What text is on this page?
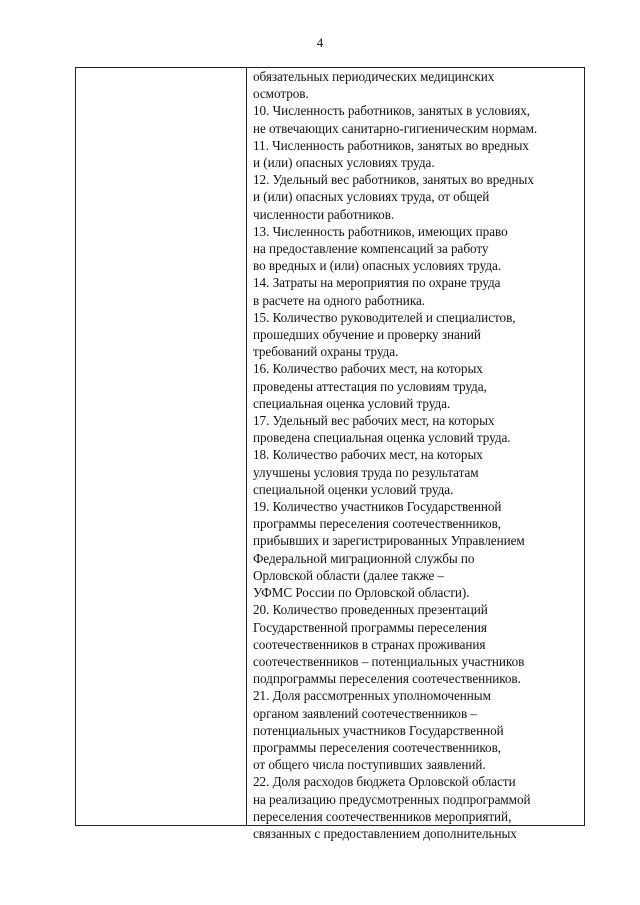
4
обязательных периодических медицинских
осмотров.
10. Численность работников, занятых в условиях,
не отвечающих санитарно-гигиеническим нормам.
11. Численность работников, занятых во вредных
и (или) опасных условиях труда.
12. Удельный вес работников, занятых во вредных
и (или) опасных условиях труда, от общей
численности работников.
13. Численность работников, имеющих право
на предоставление компенсаций за работу
во вредных и (или) опасных условиях труда.
14. Затраты на мероприятия по охране труда
в расчете на одного работника.
15. Количество руководителей и специалистов,
прошедших обучение и проверку знаний
требований охраны труда.
16. Количество рабочих мест, на которых
проведены аттестация по условиям труда,
специальная оценка условий труда.
17. Удельный вес рабочих мест, на которых
проведена специальная оценка условий труда.
18. Количество рабочих мест, на которых
улучшены условия труда по результатам
специальной оценки условий труда.
19. Количество участников Государственной
программы переселения соотечественников,
прибывших и зарегистрированных Управлением
Федеральной миграционной службы по
Орловской области (далее также –
УФМС России по Орловской области).
20. Количество проведенных презентаций
Государственной программы переселения
соотечественников в странах проживания
соотечественников – потенциальных участников
подпрограммы переселения соотечественников.
21. Доля рассмотренных уполномоченным
органом заявлений соотечественников –
потенциальных участников Государственной
программы переселения соотечественников,
от общего числа поступивших заявлений.
22. Доля расходов бюджета Орловской области
на реализацию предусмотренных подпрограммой
переселения соотечественников мероприятий,
связанных с предоставлением дополнительных
